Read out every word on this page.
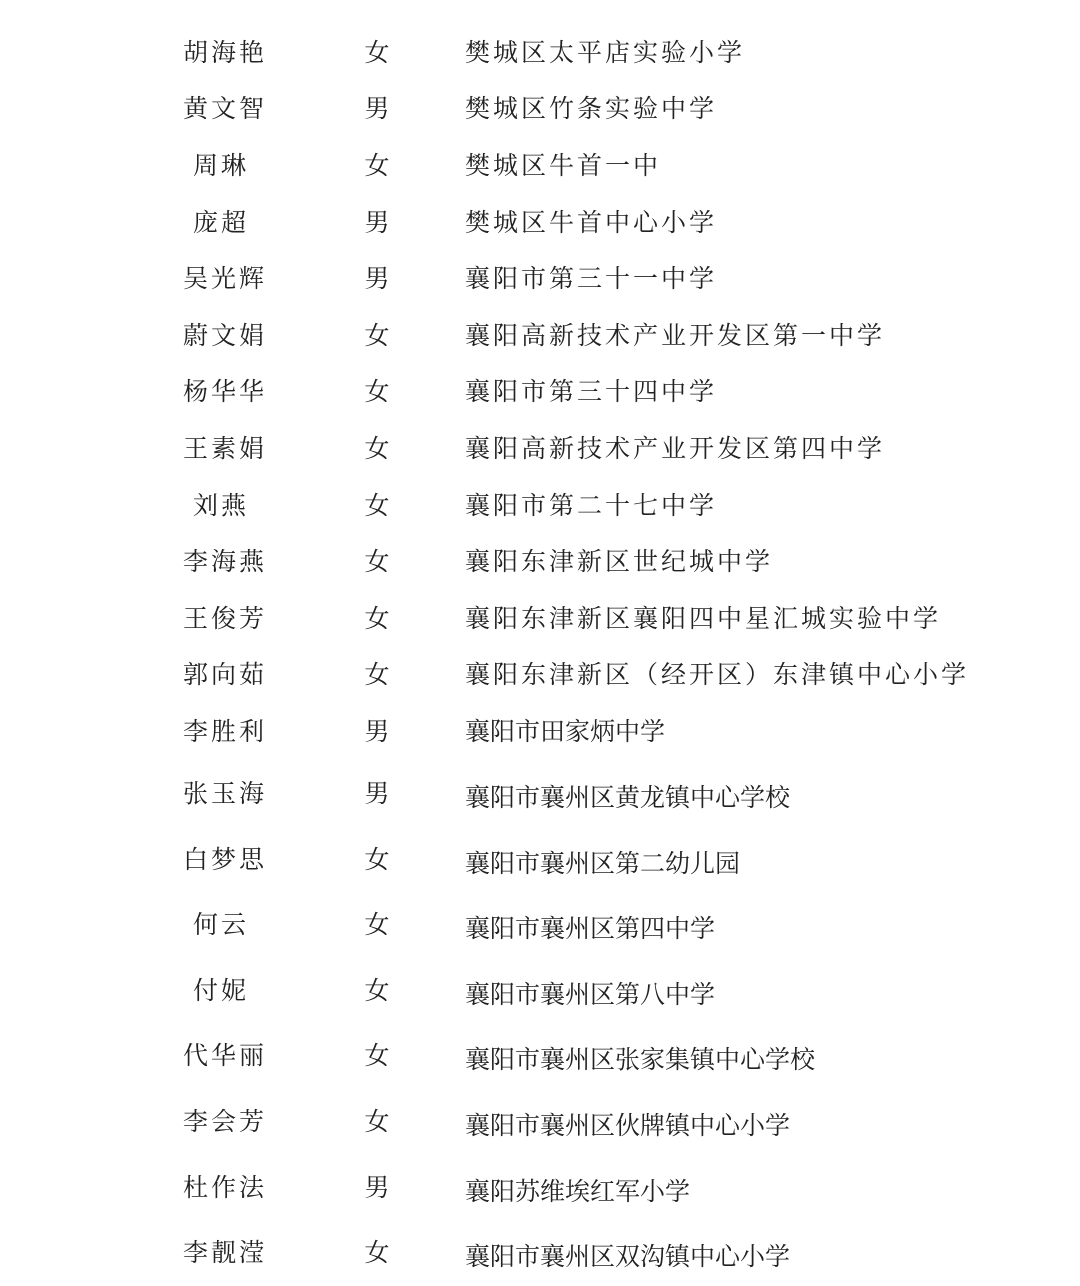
胡海艳	女	樊城区太平店实验小学
黄文智	男	樊城区竹条实验中学
周琳	女	樊城区牛首一中
庞超	男	樊城区牛首中心小学
吴光辉	男	襄阳市第三十一中学
蔚文娟	女	襄阳高新技术产业开发区第一中学
杨华华	女	襄阳市第三十四中学
王素娟	女	襄阳高新技术产业开发区第四中学
刘燕	女	襄阳市第二十七中学
李海燕	女	襄阳东津新区世纪城中学
王俊芳	女	襄阳东津新区襄阳四中星汇城实验中学
郭向茹	女	襄阳东津新区（经开区）东津镇中心小学
李胜利	男	襄阳市田家炳中学
张玉海	男	襄阳市襄州区黄龙镇中心学校
白梦思	女	襄阳市襄州区第二幼儿园
何云	女	襄阳市襄州区第四中学
付妮	女	襄阳市襄州区第八中学
代华丽	女	襄阳市襄州区张家集镇中心学校
李会芳	女	襄阳市襄州区伙牌镇中心小学
杜作法	男	襄阳苏维埃红军小学
李靓滢	女	襄阳市襄州区双沟镇中心小学
